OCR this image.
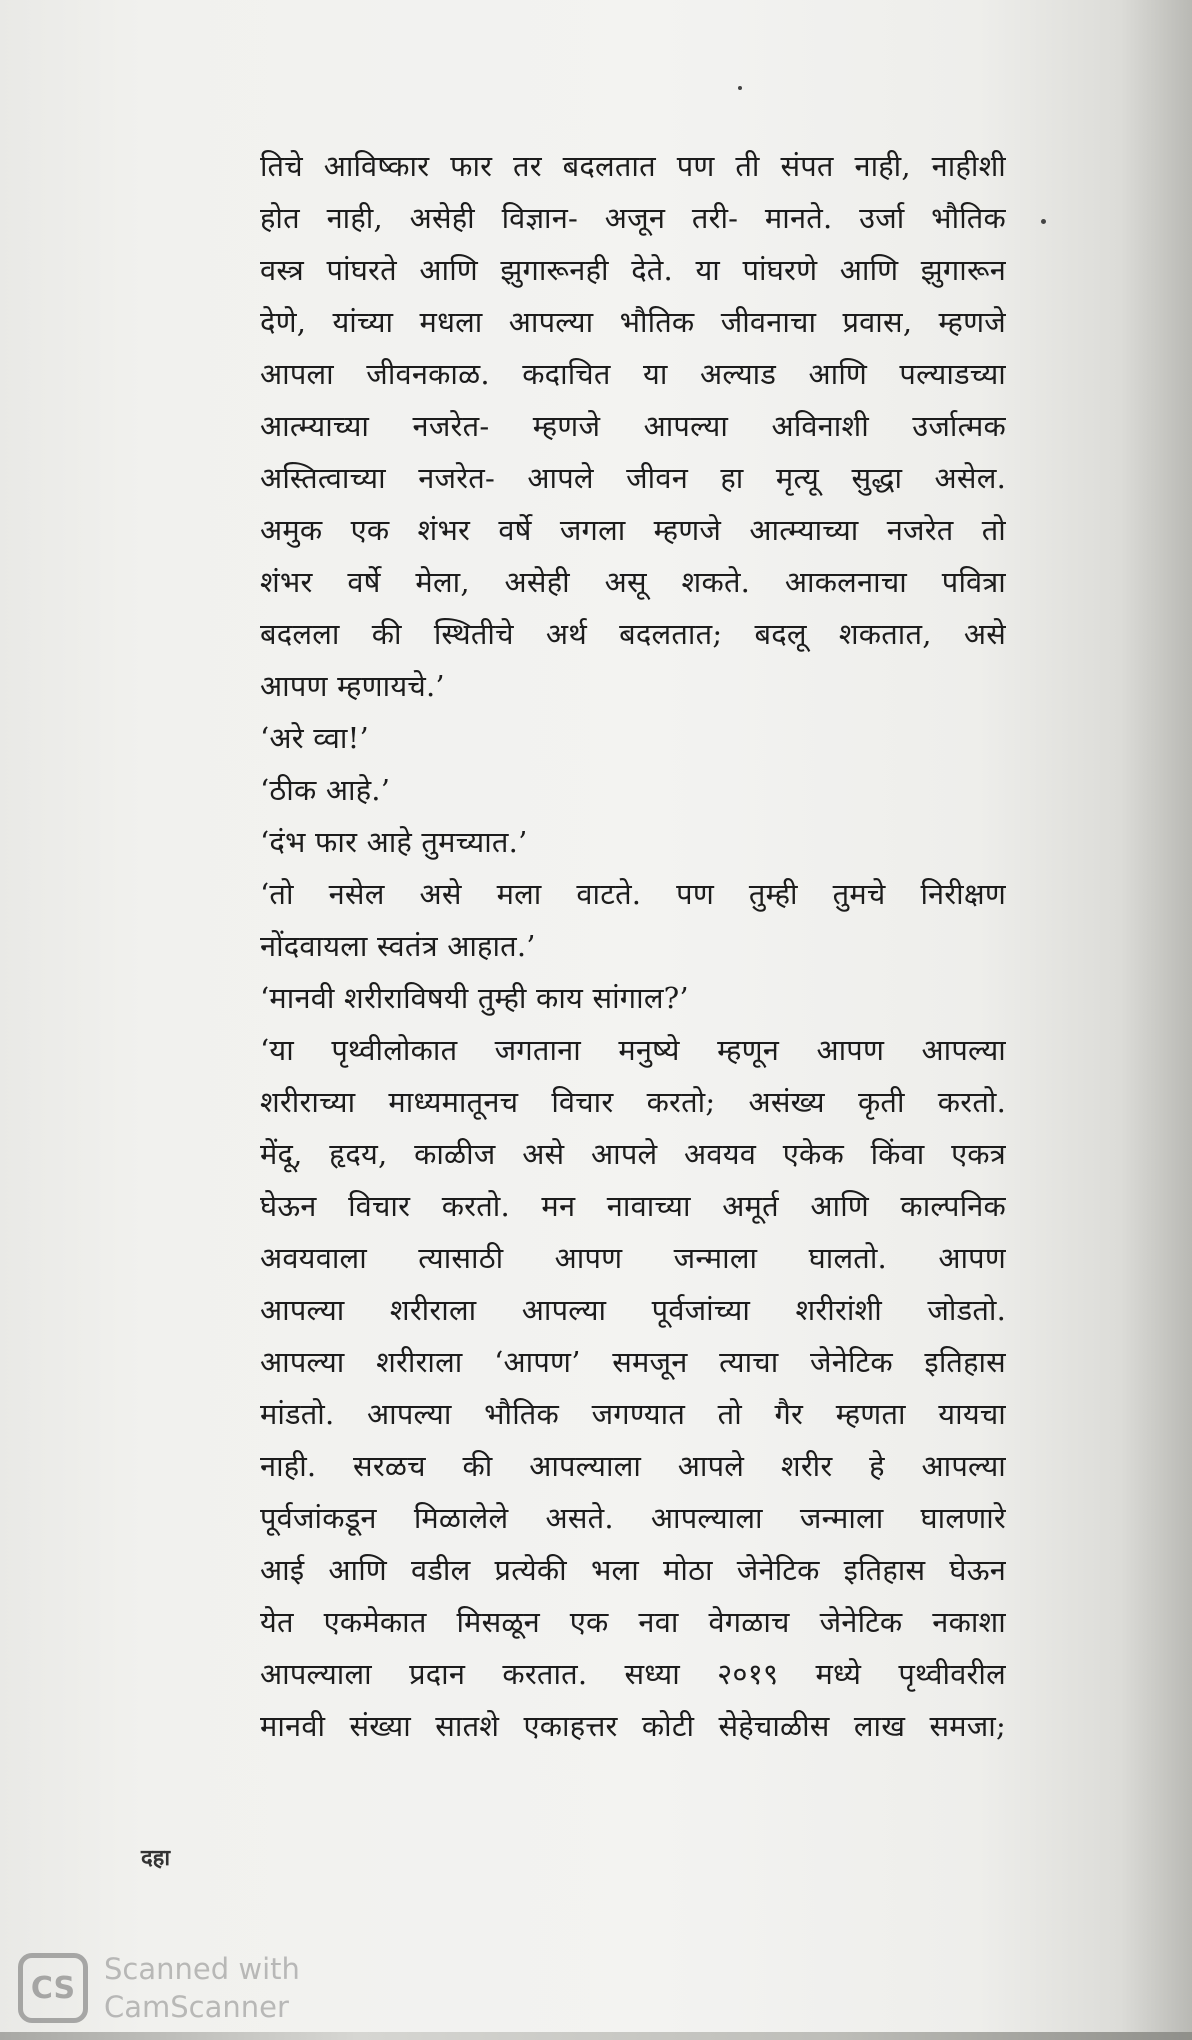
तिचे आविष्कार फार तर बदलतात पण ती संपत नाही, नाहीशी
होत नाही, असेही विज्ञान- अजून तरी- मानते. उर्जा भौतिक
वस्त्र पांघरते आणि झुगारूनही देते. या पांघरणे आणि झुगारून
देणे, यांच्या मधला आपल्या भौतिक जीवनाचा प्रवास, म्हणजे
आपला जीवनकाळ. कदाचित या अल्याड आणि पल्याडच्या
आत्म्याच्या नजरेत- म्हणजे आपल्या अविनाशी उर्जात्मक
अस्तित्वाच्या नजरेत- आपले जीवन हा मृत्यू सुद्धा असेल.
अमुक एक शंभर वर्षे जगला म्हणजे आत्म्याच्या नजरेत तो
शंभर वर्षे मेला, असेही असू शकते. आकलनाचा पवित्रा
बदलला की स्थितीचे अर्थ बदलतात; बदलू शकतात, असे
आपण म्हणायचे.’
‘अरे व्वा!’
‘ठीक आहे.’
‘दंभ फार आहे तुमच्यात.’
‘तो नसेल असे मला वाटते. पण तुम्ही तुमचे निरीक्षण
नोंदवायला स्वतंत्र आहात.’
‘मानवी शरीराविषयी तुम्ही काय सांगाल?’
‘या पृथ्वीलोकात जगताना मनुष्ये म्हणून आपण आपल्या
शरीराच्या माध्यमातूनच विचार करतो; असंख्य कृती करतो.
मेंदू, हृदय, काळीज असे आपले अवयव एकेक किंवा एकत्र
घेऊन विचार करतो. मन नावाच्या अमूर्त आणि काल्पनिक
अवयवाला त्यासाठी आपण जन्माला घालतो. आपण
आपल्या शरीराला आपल्या पूर्वजांच्या शरीरांशी जोडतो.
आपल्या शरीराला ‘आपण’ समजून त्याचा जेनेटिक इतिहास
मांडतो. आपल्या भौतिक जगण्यात तो गैर म्हणता यायचा
नाही. सरळच की आपल्याला आपले शरीर हे आपल्या
पूर्वजांकडून मिळालेले असते. आपल्याला जन्माला घालणारे
आई आणि वडील प्रत्येकी भला मोठा जेनेटिक इतिहास घेऊन
येत एकमेकात मिसळून एक नवा वेगळाच जेनेटिक नकाशा
आपल्याला प्रदान करतात. सध्या २०१९ मध्ये पृथ्वीवरील
मानवी संख्या सातशे एकाहत्तर कोटी सेहेचाळीस लाख समजा;
दहा
CS
Scanned with
CamScanner
